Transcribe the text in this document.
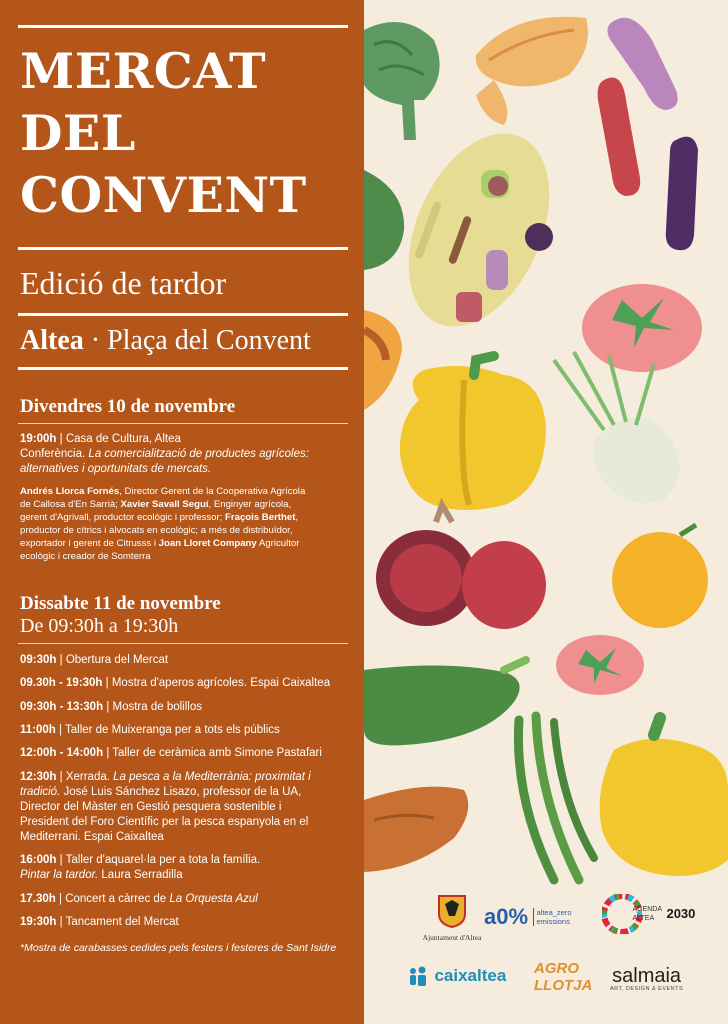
MERCAT
DEL
CONVENT
Edició de tardor
Altea · Plaça del Convent
Divendres 10 de novembre
19:00h | Casa de Cultura, Altea
Conferència. La comercialització de productes agrícoles:
alternatives i oportunitats de mercats.
Andrés Llorca Fornés, Director Gerent de la Cooperativa Agrícola
de Callosa d'En Sarrià; Xavier Savall Seguí, Enginyer agrícola,
gerent d'Agrivall, productor ecològic i professor; Fraçois Berthet,
productor de cítrics i alvocats en ecològic; a més de distribuïdor,
exportador i gerent de Citrusss i Joan Lloret Company Agricultor
ecològic i creador de Somterra
Dissabte 11 de novembre
De 09:30h a 19:30h
09:30h | Obertura del Mercat
09.30h - 19:30h | Mostra d'aperos agrícoles. Espai Caixaltea
09:30h - 13:30h | Mostra de bolillos
11:00h | Taller de Muixeranga per a tots els públics
12:00h - 14:00h | Taller de ceràmica amb Simone Pastafari
12:30h | Xerrada. La pesca a la Mediterrània: proximitat i
tradició. José Luis Sánchez Lisazo, professor de la UA,
Director del Màster en Gestió pesquera sostenible i
President del Foro Científic per la pesca espanyola en el
Mediterrani. Espai Caixaltea
16:00h | Taller d'aquarel·la per a tota la família.
Pintar la tardor. Laura Serradilla
17.30h | Concert a càrrec de La Orquesta Azul
19:30h | Tancament del Mercat
*Mostra de carabasses cedides pels festers i festeres de Sant Isidre
Ajuntament d'Altea
a0% altea_zero
emissions
AGENDA
ALTEA 2030
caixaltea AGRO
LLOTJA salmaia
ART, DESIGN & EVENTS
